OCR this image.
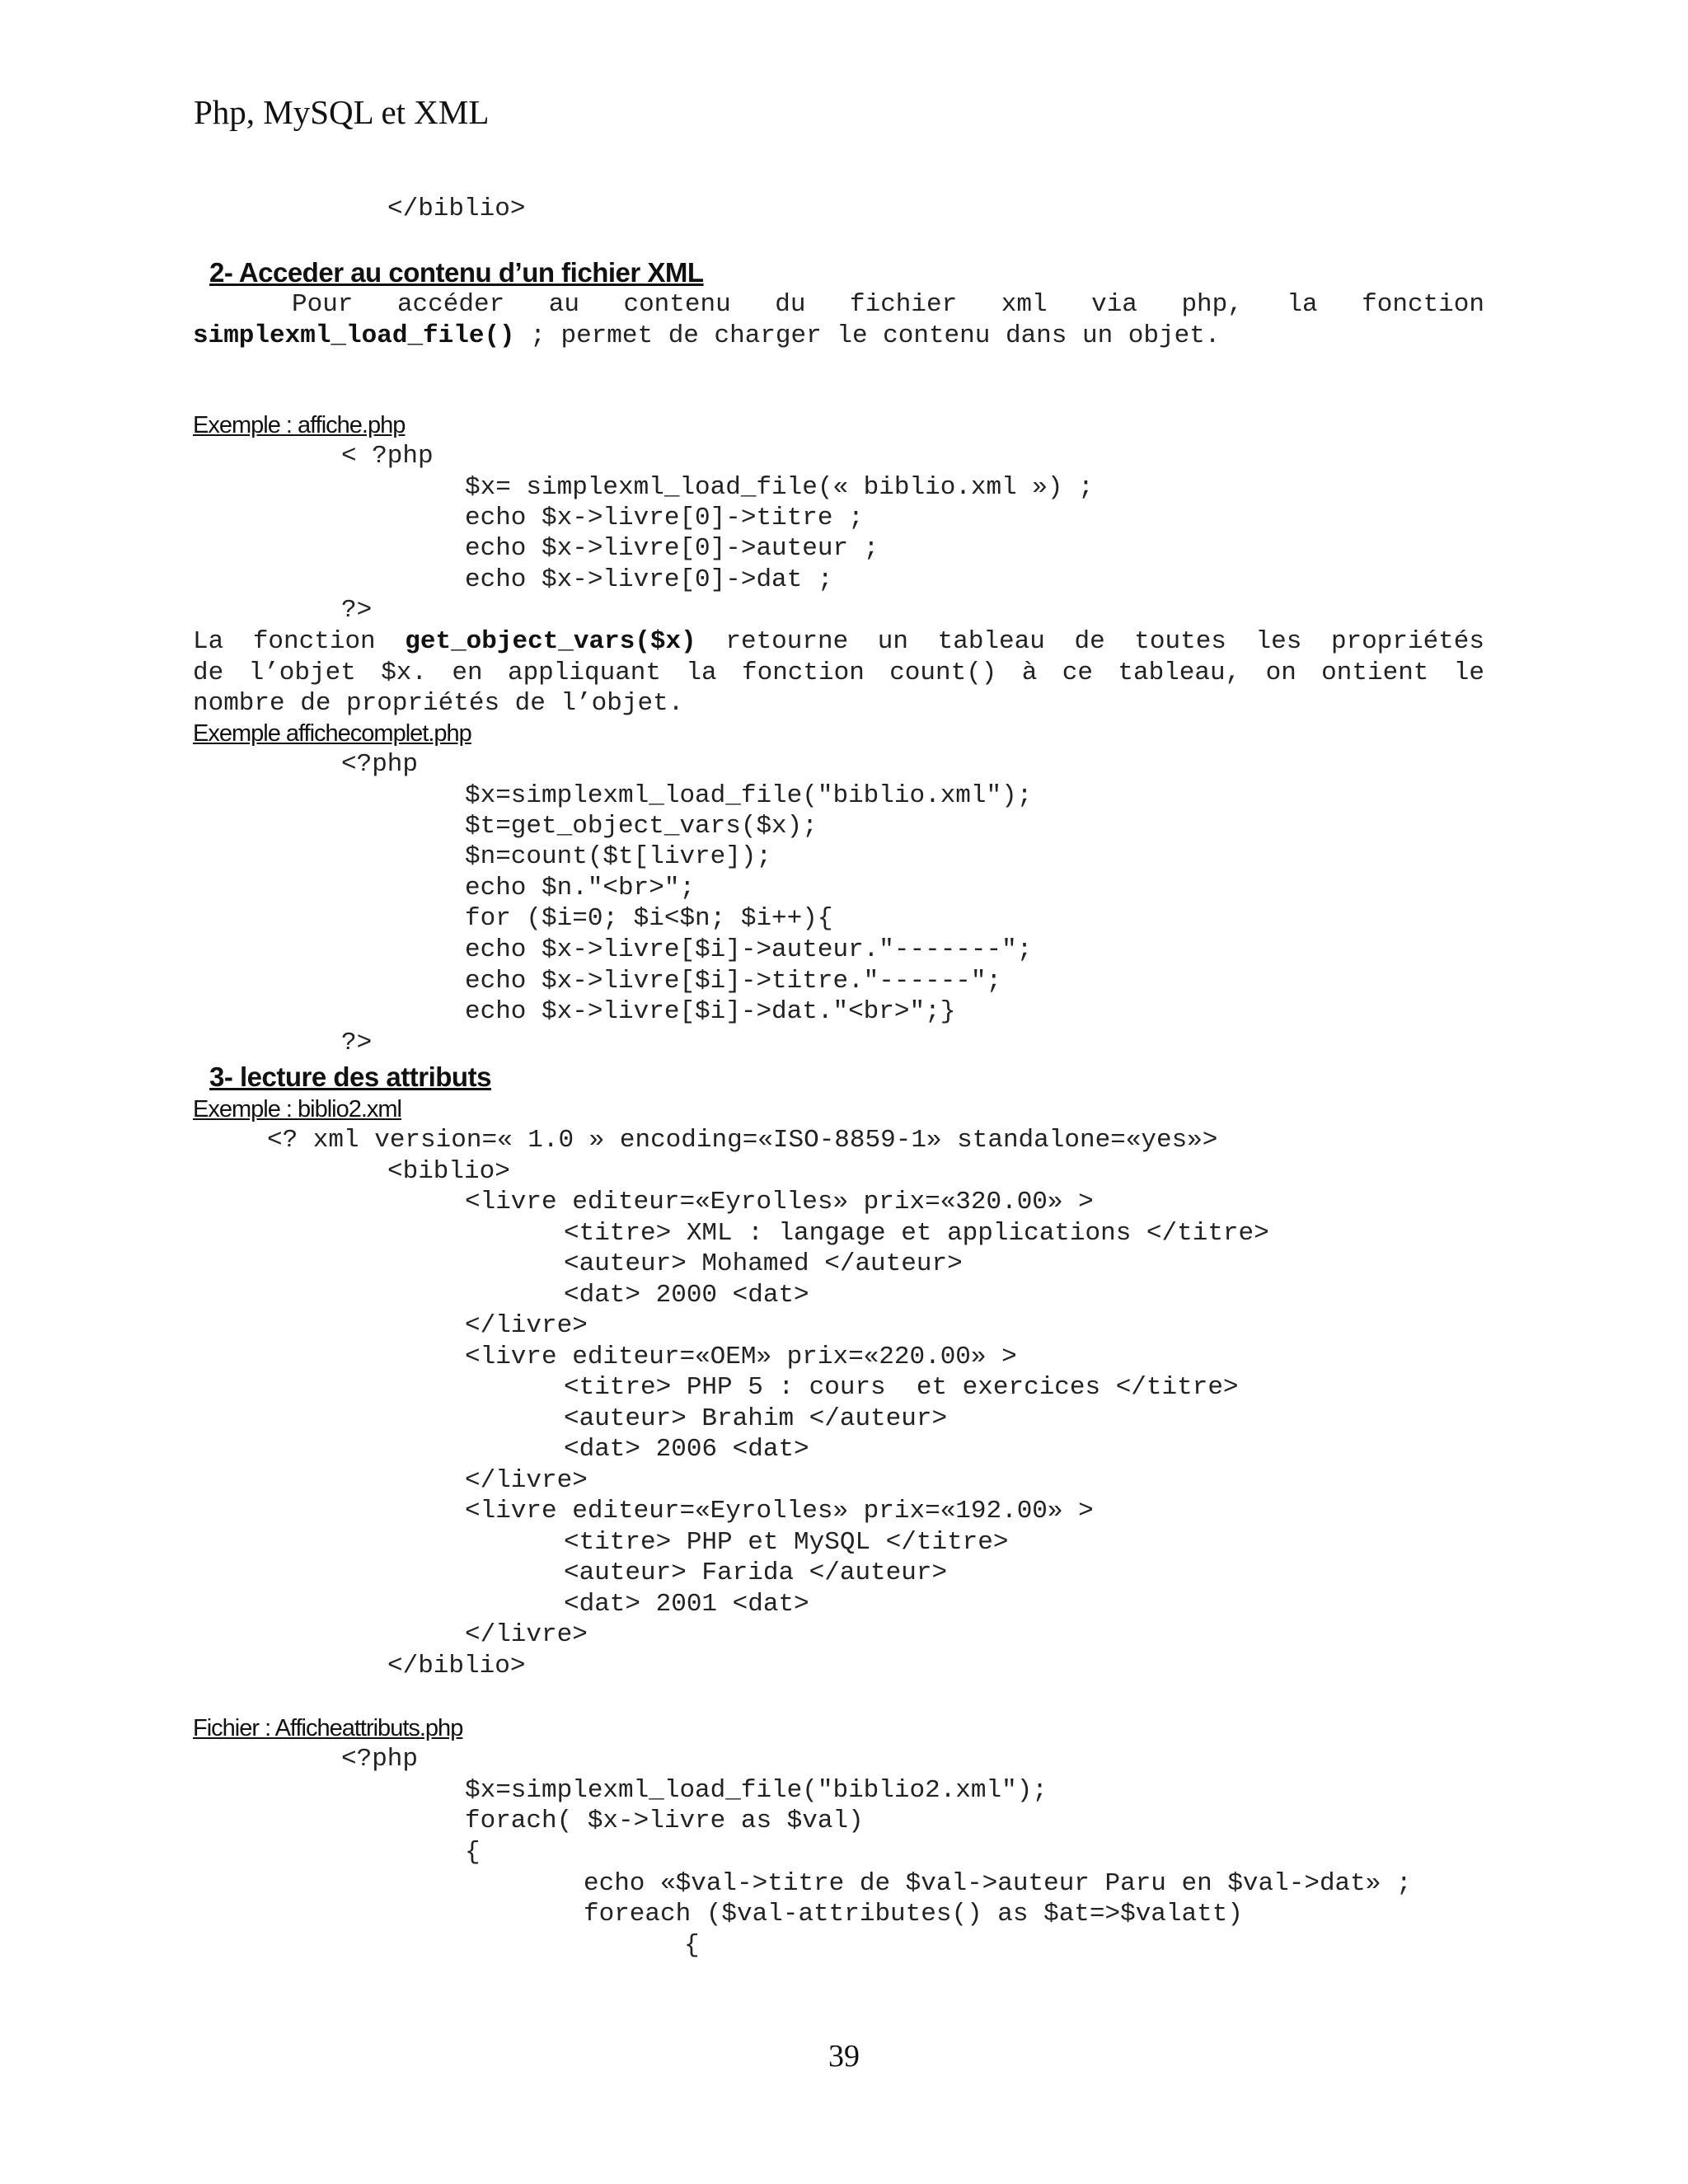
Php, MySQL et XML
</biblio>
2- Acceder au contenu d’un fichier XML
Pour accéder au contenu du fichier xml via php, la fonction
simplexml_load_file() ; permet de charger le contenu dans un objet.
Exemple : affiche.php
< ?php
$x= simplexml_load_file(« biblio.xml ») ;
echo $x->livre[0]->titre ;
echo $x->livre[0]->auteur ;
echo $x->livre[0]->dat ;
?>
La fonction get_object_vars($x) retourne un tableau de toutes les propriétés
de l’objet $x. en appliquant la fonction count() à ce tableau, on ontient le
nombre de propriétés de l’objet.
Exemple affichecomplet.php
<?php
$x=simplexml_load_file("biblio.xml");
$t=get_object_vars($x);
$n=count($t[livre]);
echo $n."<br>";
for ($i=0; $i<$n; $i++){
echo $x->livre[$i]->auteur."-------";
echo $x->livre[$i]->titre."------";
echo $x->livre[$i]->dat."<br>";}
?>
3- lecture des attributs
Exemple : biblio2.xml
<? xml version=« 1.0 » encoding=«ISO-8859-1» standalone=«yes»>
<biblio>
<livre editeur=«Eyrolles» prix=«320.00» >
<titre> XML : langage et applications </titre>
<auteur> Mohamed </auteur>
<dat> 2000 <dat>
</livre>
<livre editeur=«OEM» prix=«220.00» >
<titre> PHP 5 : cours  et exercices </titre>
<auteur> Brahim </auteur>
<dat> 2006 <dat>
</livre>
<livre editeur=«Eyrolles» prix=«192.00» >
<titre> PHP et MySQL </titre>
<auteur> Farida </auteur>
<dat> 2001 <dat>
</livre>
</biblio>
Fichier : Afficheattributs.php
<?php
$x=simplexml_load_file("biblio2.xml");
forach( $x->livre as $val)
{
echo «$val->titre de $val->auteur Paru en $val->dat» ;
foreach ($val-attributes() as $at=>$valatt)
{
39
